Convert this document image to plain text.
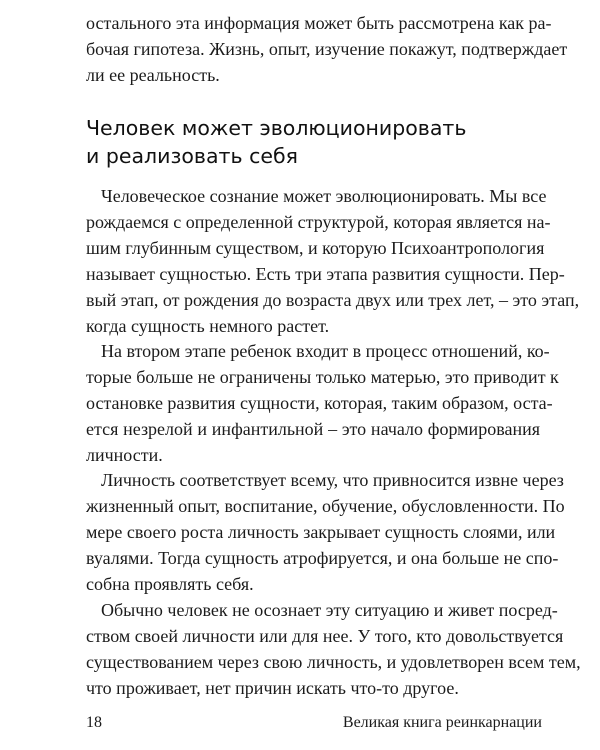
остального эта информация может быть рассмотрена как ра-
бочая гипотеза. Жизнь, опыт, изучение покажут, подтверждает
ли ее реальность.
Человек может эволюционировать
и реализовать себя
Человеческое сознание может эволюционировать. Мы все
рождаемся с определенной структурой, которая является на-
шим глубинным существом, и которую Психоантропология
называет сущностью. Есть три этапа развития сущности. Пер-
вый этап, от рождения до возраста двух или трех лет, – это этап,
когда сущность немного растет.
На втором этапе ребенок входит в процесс отношений, ко-
торые больше не ограничены только матерью, это приводит к
остановке развития сущности, которая, таким образом, оста-
ется незрелой и инфантильной – это начало формирования
личности.
Личность соответствует всему, что привносится извне через
жизненный опыт, воспитание, обучение, обусловленности. По
мере своего роста личность закрывает сущность слоями, или
вуалями. Тогда сущность атрофируется, и она больше не спо-
собна проявлять себя.
Обычно человек не осознает эту ситуацию и живет посред-
ством своей личности или для нее. У того, кто довольствуется
существованием через свою личность, и удовлетворен всем тем,
что проживает, нет причин искать что-то другое.
18	Великая книга реинкарнации
